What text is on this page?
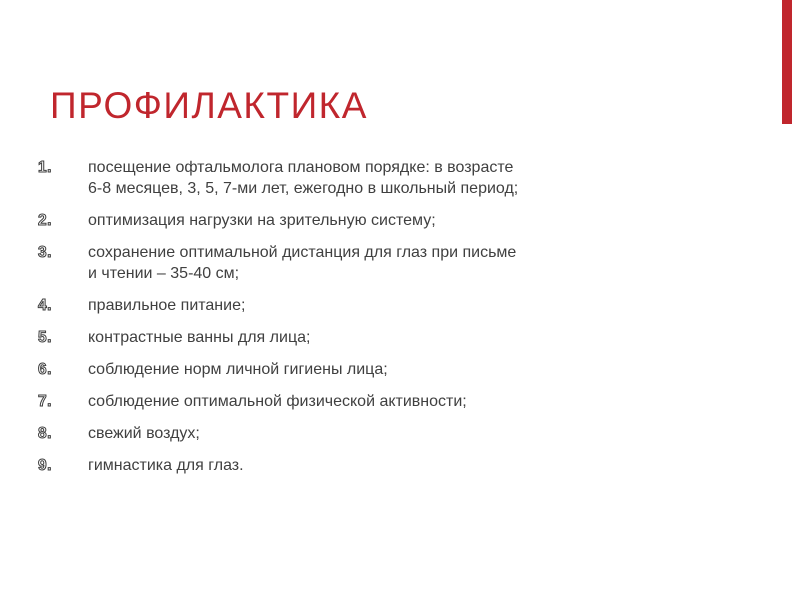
ПРОФИЛАКТИКА
1.	посещение офтальмолога плановом порядке: в возрасте
6-8 месяцев, 3, 5, 7-ми лет, ежегодно в школьный период;
2.	оптимизация нагрузки на зрительную систему;
3.	сохранение оптимальной дистанция для глаз при письме
и чтении – 35-40 см;
4.	правильное питание;
5.	контрастные ванны для лица;
6.	соблюдение норм личной гигиены лица;
7.	соблюдение оптимальной физической активности;
8.	свежий воздух;
9.	гимнастика для глаз.
